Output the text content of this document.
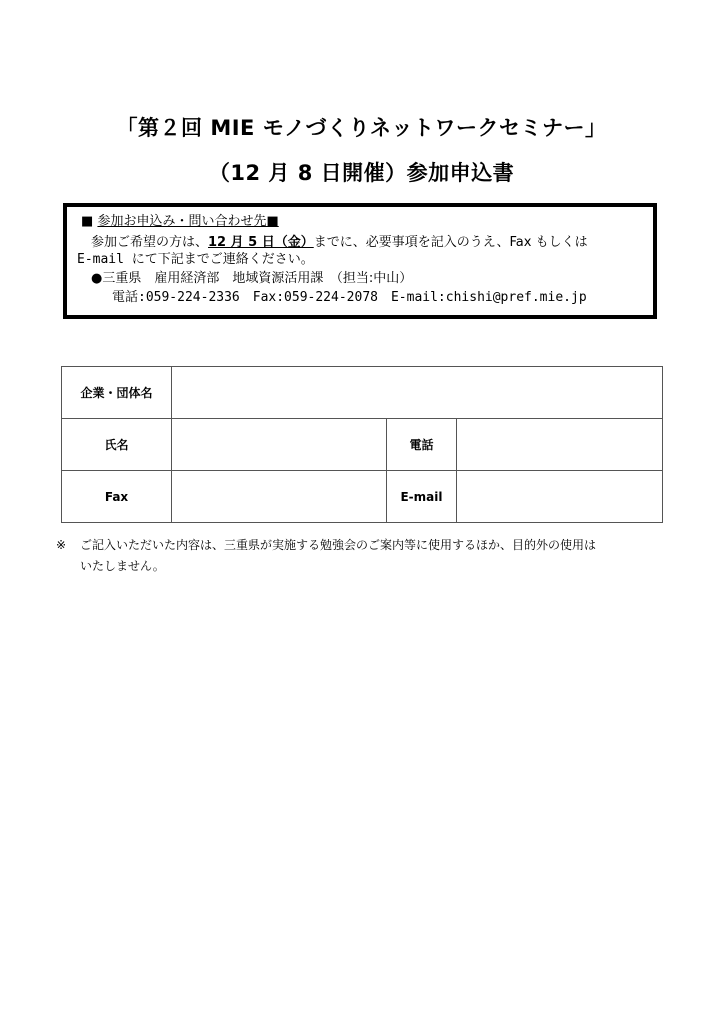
「第２回 MIE モノづくりネットワークセミナー」
（12 月 8 日開催）参加申込書
■ 参加お申込み・問い合わせ先■
参加ご希望の方は、12 月 5 日（金）までに、必要事項を記入のうえ、Fax もしくは
E-mail にて下記までご連絡ください。
●三重県　雇用経済部　地域資源活用課　（担当:中山）
電話:059-224-2336　Fax:059-224-2078　E-mail:chishi@pref.mie.jp
企業・団体名			
氏名		電話	
Fax		E-mail	
※ ご記入いただいた内容は、三重県が実施する勉強会のご案内等に使用するほか、目的外の使用は
いたしません。
